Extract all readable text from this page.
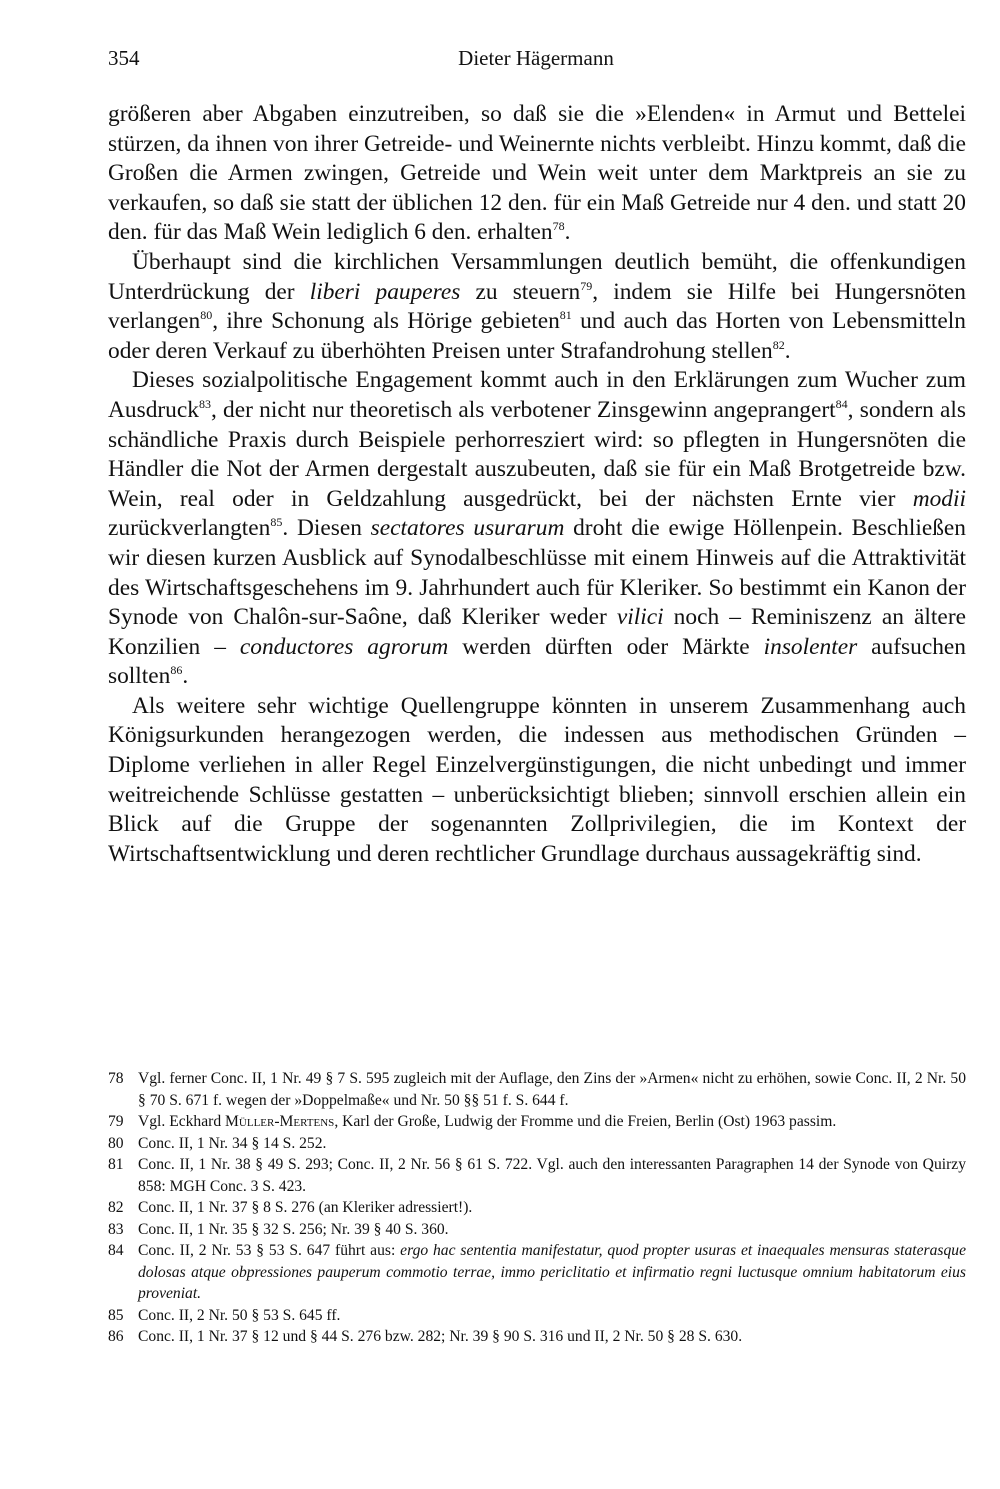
354	Dieter Hägermann

größeren aber Abgaben einzutreiben, so daß sie die »Elenden« in Armut und Bettelei stürzen, da ihnen von ihrer Getreide- und Weinernte nichts verbleibt. Hinzu kommt, daß die Großen die Armen zwingen, Getreide und Wein weit unter dem Marktpreis an sie zu verkaufen, so daß sie statt der üblichen 12 den. für ein Maß Getreide nur 4 den. und statt 20 den. für das Maß Wein lediglich 6 den. erhalten$^{78}$.

Überhaupt sind die kirchlichen Versammlungen deutlich bemüht, die offenkundigen Unterdrückung der liberi pauperes zu steuern$^{79}$, indem sie Hilfe bei Hungersnöten verlangen$^{80}$, ihre Schonung als Hörige gebieten$^{81}$ und auch das Horten von Lebensmitteln oder deren Verkauf zu überhöhten Preisen unter Strafandrohung stellen$^{82}$.

Dieses sozialpolitische Engagement kommt auch in den Erklärungen zum Wucher zum Ausdruck$^{83}$, der nicht nur theoretisch als verbotener Zinsgewinn angeprangert$^{84}$, sondern als schändliche Praxis durch Beispiele perhorresziert wird: so pflegten in Hungersnöten die Händler die Not der Armen dergestalt auszubeuten, daß sie für ein Maß Brotgetreide bzw. Wein, real oder in Geldzahlung ausgedrückt, bei der nächsten Ernte vier modii zurückverlangten$^{85}$. Diesen sectatores usurarum droht die ewige Höllenpein. Beschließen wir diesen kurzen Ausblick auf Synodalbeschlüsse mit einem Hinweis auf die Attraktivität des Wirtschaftsgeschehens im 9. Jahrhundert auch für Kleriker. So bestimmt ein Kanon der Synode von Chalôn-sur-Saône, daß Kleriker weder vilici noch – Reminiszenz an ältere Konzilien – conductores agrorum werden dürften oder Märkte insolenter aufsuchen sollten$^{86}$.

Als weitere sehr wichtige Quellengruppe könnten in unserem Zusammenhang auch Königsurkunden herangezogen werden, die indessen aus methodischen Gründen – Diplome verliehen in aller Regel Einzelvergünstigungen, die nicht unbedingt und immer weitreichende Schlüsse gestatten – unberücksichtigt blieben; sinnvoll erschien allein ein Blick auf die Gruppe der sogenannten Zollprivilegien, die im Kontext der Wirtschaftsentwicklung und deren rechtlicher Grundlage durchaus aussagekräftig sind.

78 Vgl. ferner Conc. II, 1 Nr. 49 § 7 S. 595 zugleich mit der Auflage, den Zins der »Armen« nicht zu erhöhen, sowie Conc. II, 2 Nr. 50 § 70 S. 671 f. wegen der »Doppelmaße« und Nr. 50 §§ 51 f. S. 644 f.

79 Vgl. Eckhard Müller-Mertens, Karl der Große, Ludwig der Fromme und die Freien, Berlin (Ost) 1963 passim.

80 Conc. II, 1 Nr. 34 § 14 S. 252.

81 Conc. II, 1 Nr. 38 § 49 S. 293; Conc. II, 2 Nr. 56 § 61 S. 722. Vgl. auch den interessanten Paragraphen 14 der Synode von Quirzy 858: MGH Conc. 3 S. 423.

82 Conc. II, 1 Nr. 37 § 8 S. 276 (an Kleriker adressiert!).

83 Conc. II, 1 Nr. 35 § 32 S. 256; Nr. 39 § 40 S. 360.

84 Conc. II, 2 Nr. 53 § 53 S. 647 führt aus: ergo hac sententia manifestatur, quod propter usuras et inaequales mensuras staterasque dolosas atque obpressiones pauperum commotio terrae, immo periclitatio et infirmatio regni luctusque omnium habitatorum eius proveniat.

85 Conc. II, 2 Nr. 50 § 53 S. 645 ff.

86 Conc. II, 1 Nr. 37 § 12 und § 44 S. 276 bzw. 282; Nr. 39 § 90 S. 316 und II, 2 Nr. 50 § 28 S. 630.
